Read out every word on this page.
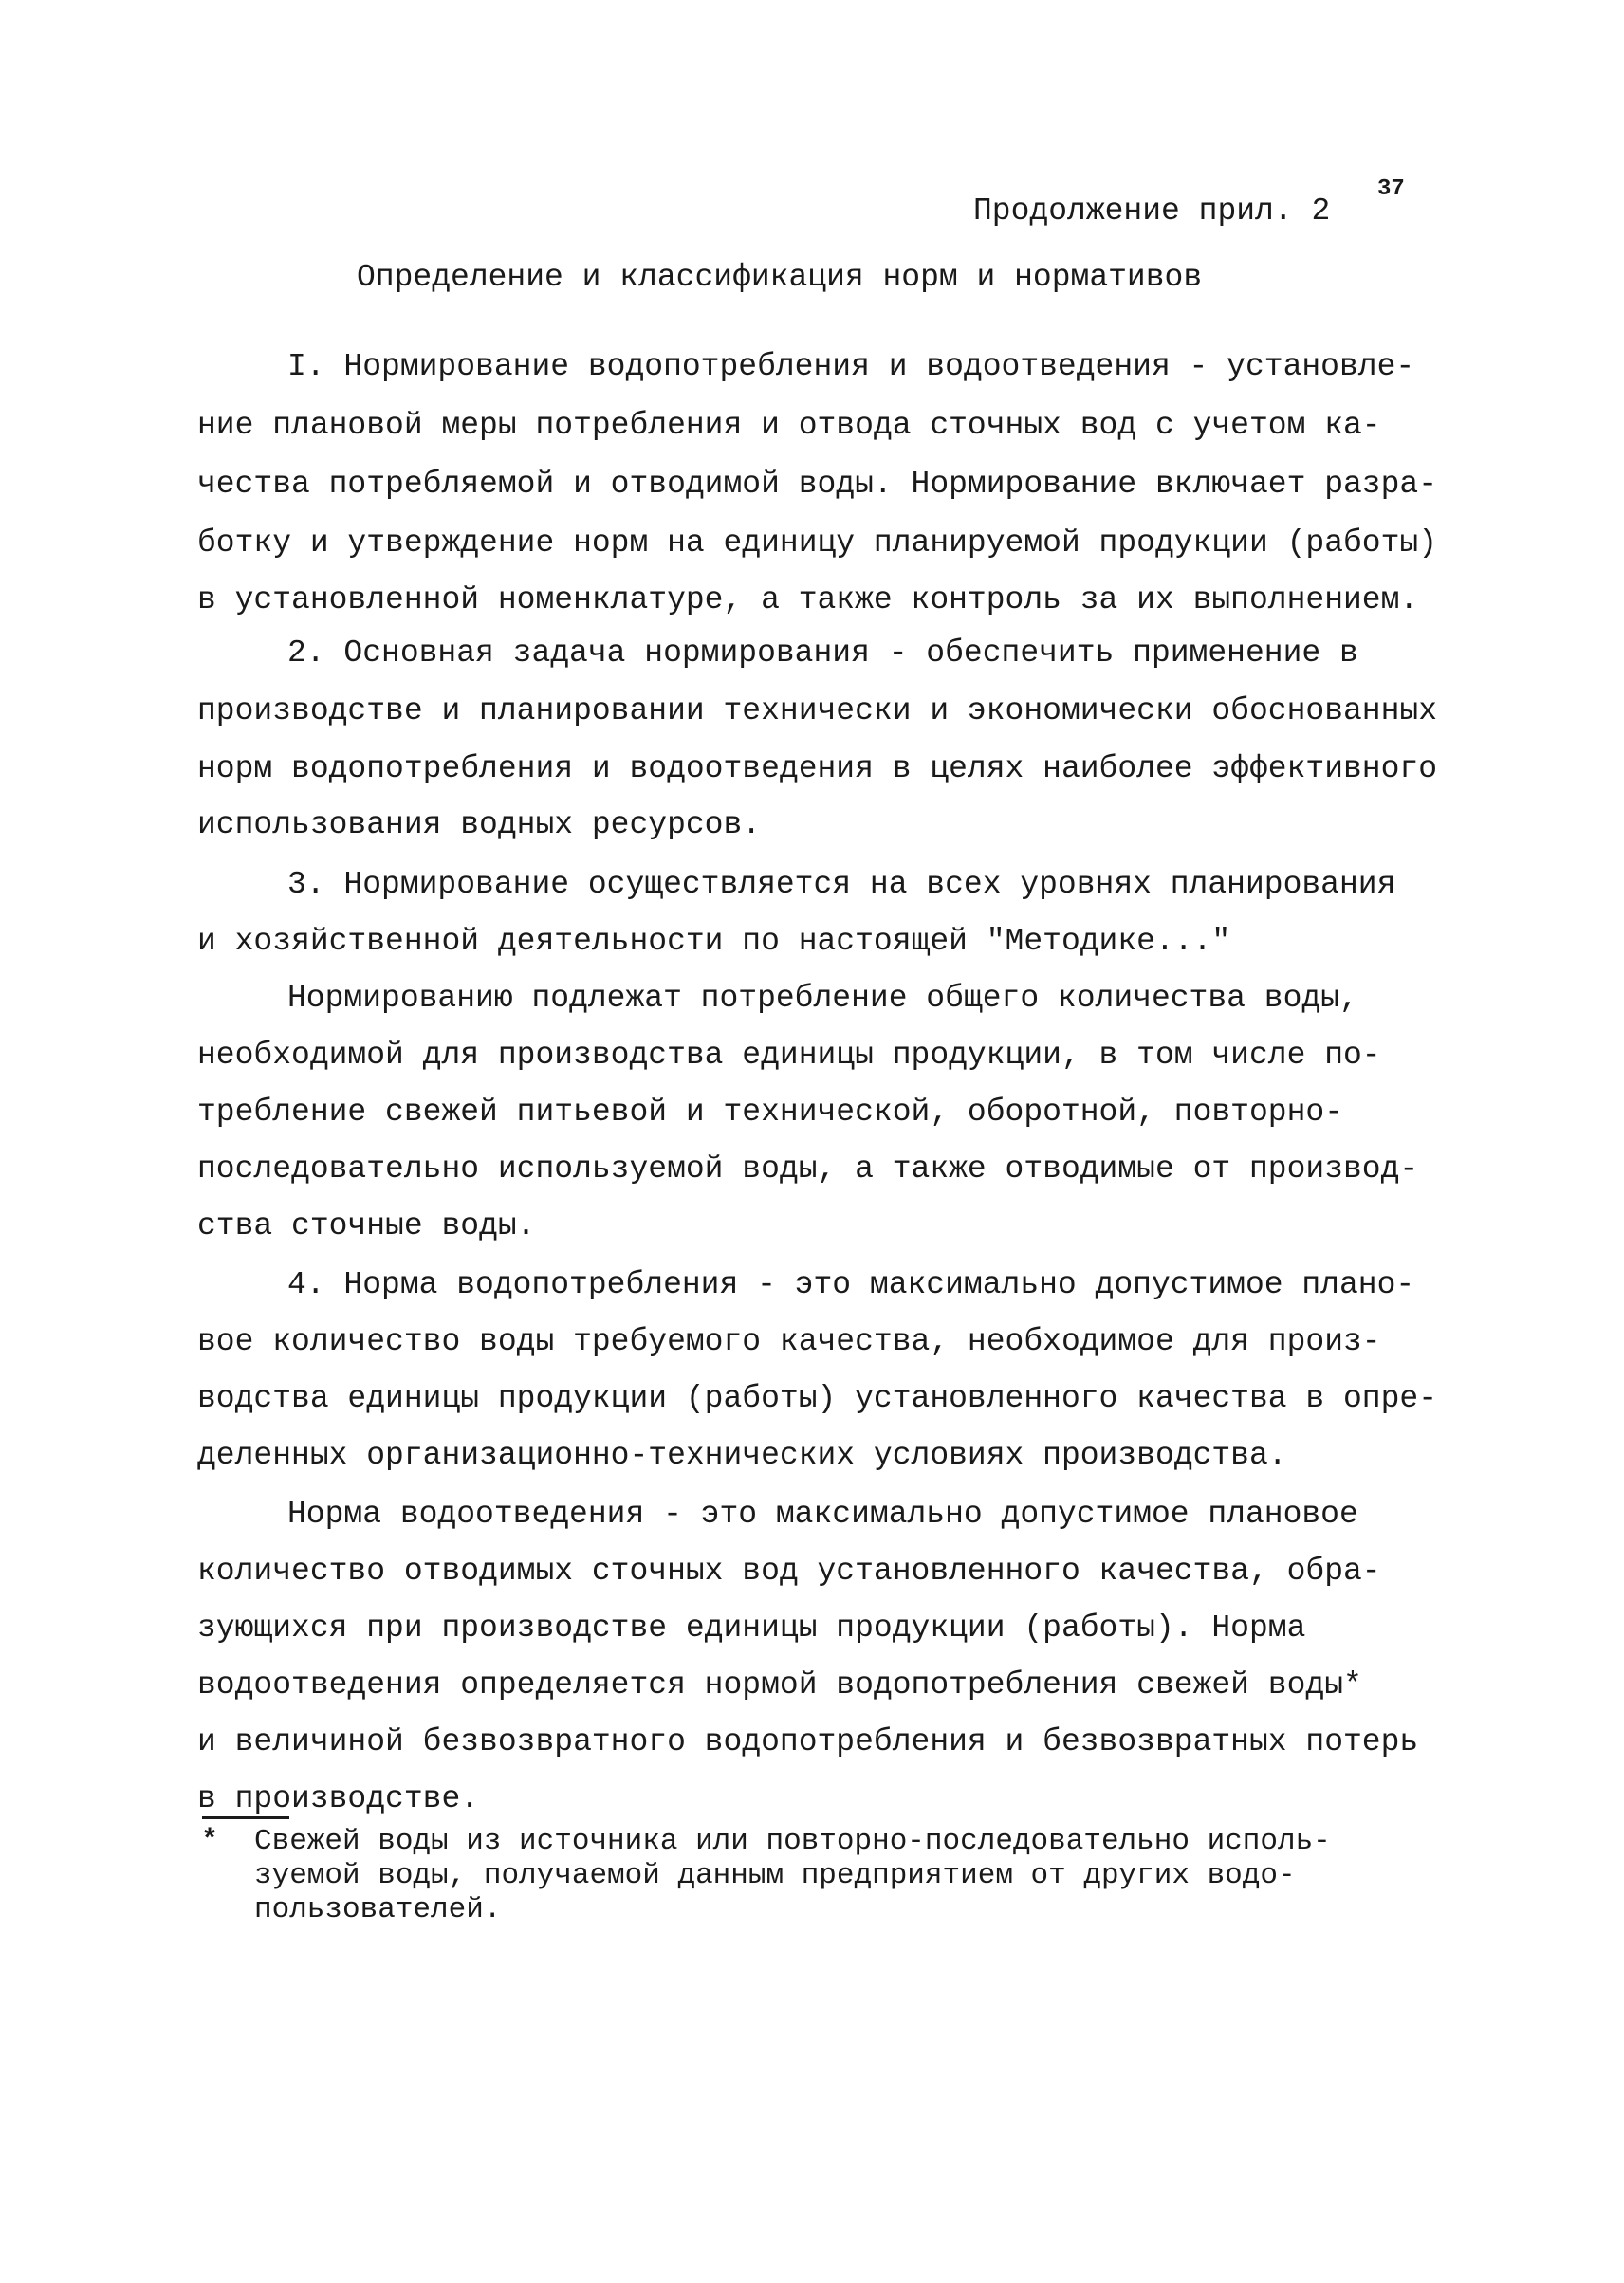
37
Продолжение прил. 2
Определение и классификация норм и нормативов
I. Нормирование водопотребления и водоотведения - установле-
ние плановой меры потребления и отвода сточных вод с учетом ка-
чества потребляемой и отводимой воды. Нормирование включает разра-
ботку и утверждение норм на единицу планируемой продукции (работы)
в установленной номенклатуре, а также контроль за их выполнением.
2. Основная задача нормирования - обеспечить применение в
производстве и планировании технически и экономически обоснованных
норм водопотребления и водоотведения в целях наиболее эффективного
использования водных ресурсов.
3. Нормирование осуществляется на всех уровнях планирования
и хозяйственной деятельности по настоящей "Методике..."
Нормированию подлежат потребление общего количества воды,
необходимой для производства единицы продукции, в том числе по-
требление свежей питьевой и технической, оборотной, повторно-
последовательно используемой воды, а также отводимые от производ-
ства сточные воды.
4. Норма водопотребления - это максимально допустимое плано-
вое количество воды требуемого качества, необходимое для произ-
водства единицы продукции (работы) установленного качества в опре-
деленных организационно-технических условиях производства.
Норма водоотведения - это максимально допустимое плановое
количество отводимых сточных вод установленного качества, обра-
зующихся при производстве единицы продукции (работы). Норма
водоотведения определяется нормой водопотребления свежей воды*
и величиной безвозвратного водопотребления и безвозвратных потерь
в производстве.
* Свежей воды из источника или повторно-последовательно исполь-
зуемой воды, получаемой данным предприятием от других водо-
пользователей.
